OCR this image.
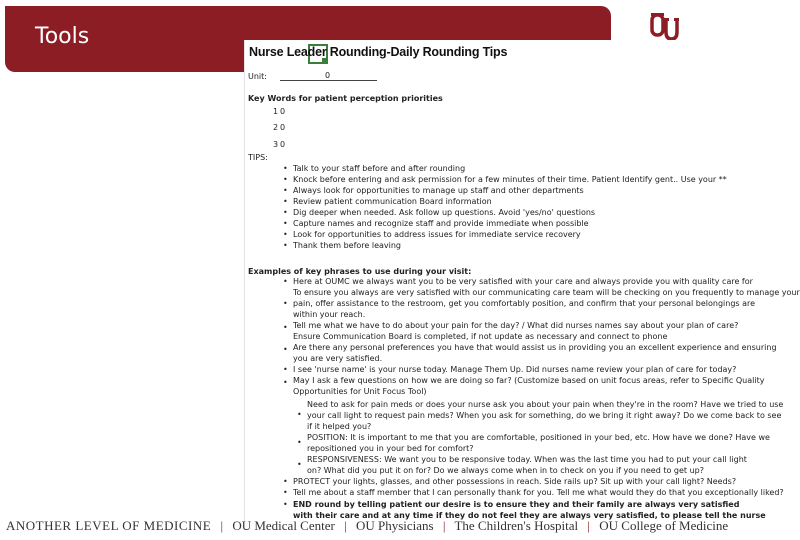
Tools
Nurse Leader Rounding-Daily Rounding Tips
Unit:	0
Key Words for patient perception priorities
1 0
2 0
3 0
TIPS:
• Talk to your staff before and after rounding
• Knock before entering and ask permission for a few minutes of their time. Patient Identify gent.. Use your **
• Always look for opportunities to manage up staff and other departments
• Review patient communication Board information
• Dig deeper when needed. Ask follow up questions. Avoid 'yes/no' questions
• Capture names and recognize staff and provide immediate when possible
• Look for opportunities to address issues for immediate service recovery
• Thank them before leaving
Examples of key phrases to use during your visit:
• Here at OUMC we always want you to be very satisfied with your care and always provide you with quality care for
To ensure you always are very satisfied with our communicating care team will be checking on you frequently to manage your
• pain, offer assistance to the restroom, get you comfortably position, and confirm that your personal belongings are
within your reach.
• Tell me what we have to do about your pain for the day? / What did nurses names say about your plan of care?
Ensure Communication Board is completed, if not update as necessary and connect to phone
• Are there any personal preferences you have that would assist us in providing you an excellent experience and ensuring
you are very satisfied.
• I see 'nurse name' is your nurse today. Manage Them Up. Did nurses name review your plan of care for today?
• May I ask a few questions on how we are doing so far? (Customize based on unit focus areas, refer to Specific Quality
Opportunities for Unit Focus Tool)
•
Need to ask for pain meds or does your nurse ask you about your pain when they're in the room? Have we tried to use
your call light to request pain meds? When you ask for something, do we bring it right away? Do we come back to see
if it helped you?
•
POSITION: It is important to me that you are comfortable, positioned in your bed, etc. How have we done? Have we
repositioned you in your bed for comfort?
•
RESPONSIVENESS: We want you to be responsive today. When was the last time you had to put your call light
on? What did you put it on for? Do we always come when in to check on you if you need to get up?
• PROTECT your lights, glasses, and other possessions in reach. Side rails up? Sit up with your call light? Needs?
• Tell me about a staff member that I can personally thank for you. Tell me what would they do that you exceptionally liked?
• END round by telling patient our desire is to ensure they and their family are always very satisfied
with their care and at any time if they do not feel they are always very satisfied, to please tell the nurse
ANOTHER LEVEL OF MEDICINE | OU Medical Center | OU Physicians | The Children's Hospital | OU College of Medicine
